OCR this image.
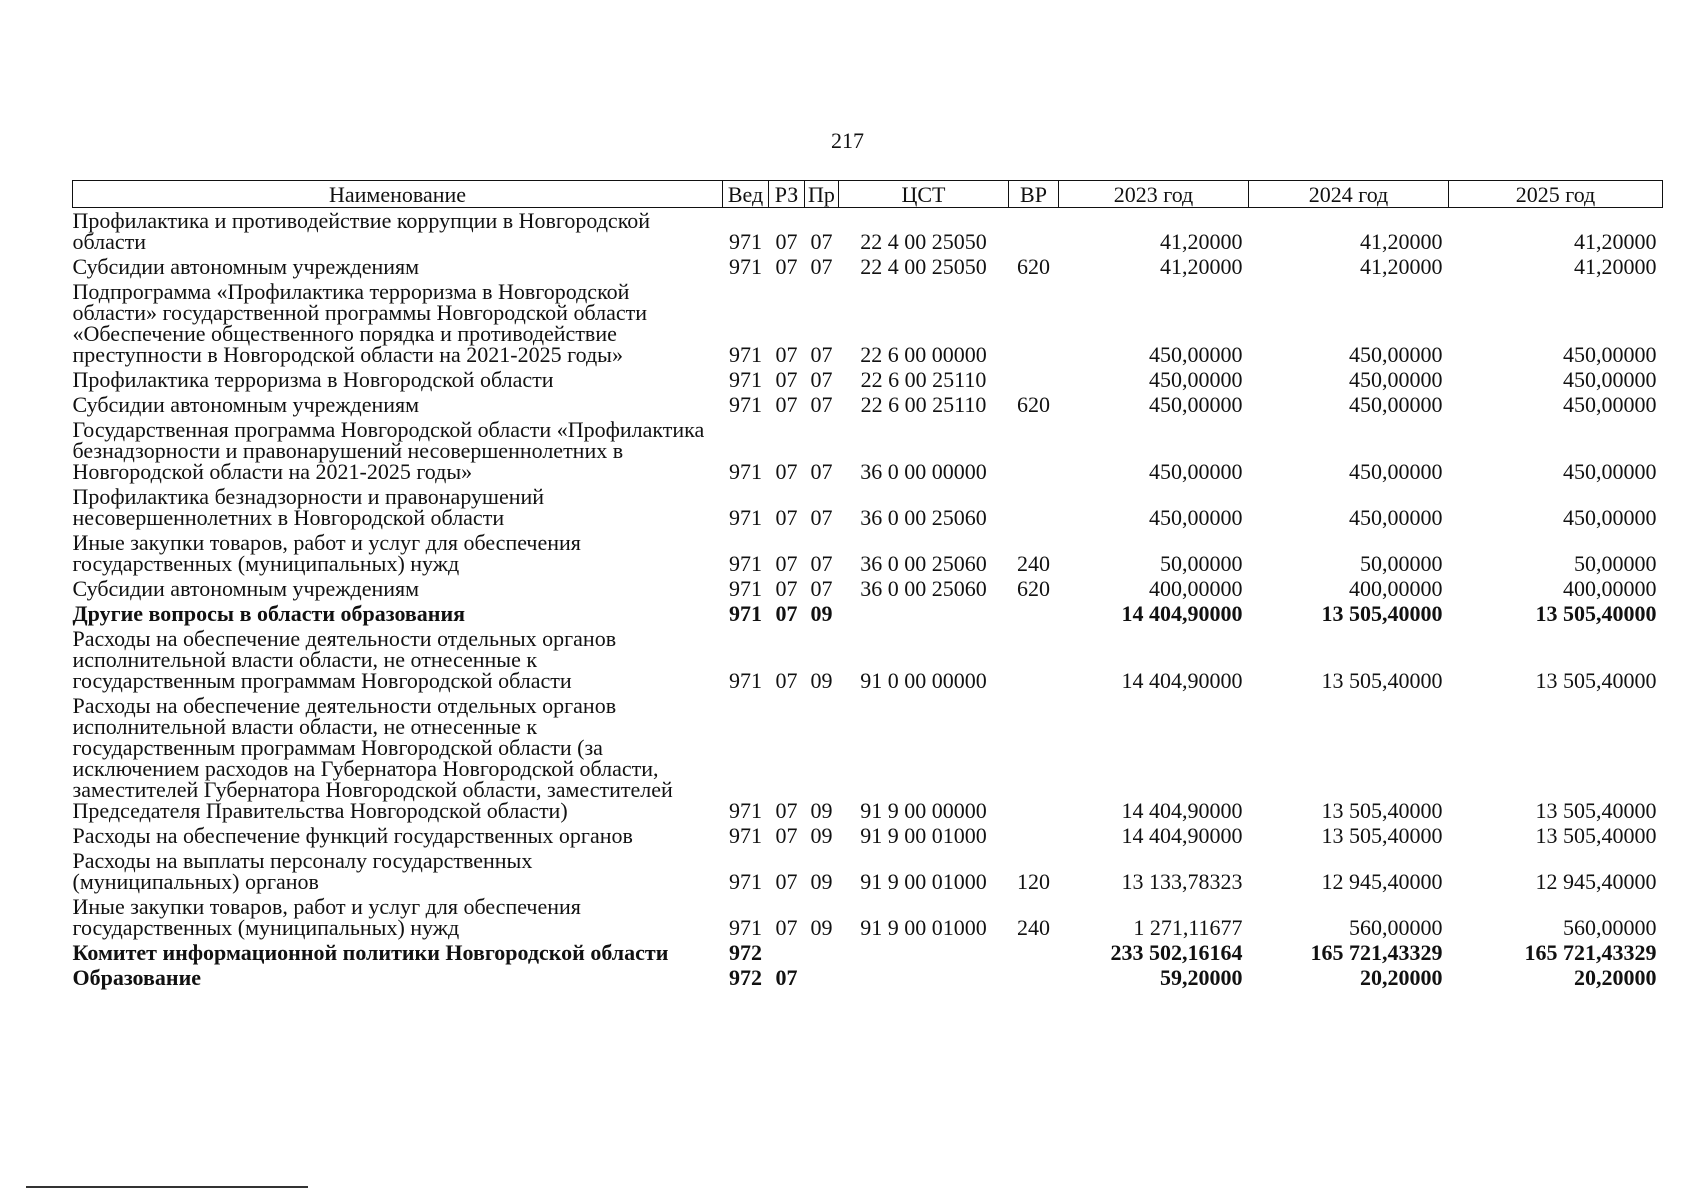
217
Наименование	Вед	РЗ	Пр	ЦСТ	ВР	2023 год	2024 год	2025 год
Профилактика и противодействие коррупции в Новгородской области	971	07	07	22 4 00 25050		41,20000	41,20000	41,20000
Субсидии автономным учреждениям	971	07	07	22 4 00 25050	620	41,20000	41,20000	41,20000
Подпрограмма «Профилактика терроризма в Новгородской области» государственной программы Новгородской области «Обеспечение общественного порядка и противодействие преступности в Новгородской области на 2021-2025 годы»	971	07	07	22 6 00 00000		450,00000	450,00000	450,00000
Профилактика терроризма в Новгородской области	971	07	07	22 6 00 25110		450,00000	450,00000	450,00000
Субсидии автономным учреждениям	971	07	07	22 6 00 25110	620	450,00000	450,00000	450,00000
Государственная программа Новгородской области «Профилактика безнадзорности и правонарушений несовершеннолетних в Новгородской области на 2021-2025 годы»	971	07	07	36 0 00 00000		450,00000	450,00000	450,00000
Профилактика безнадзорности и правонарушений несовершеннолетних в Новгородской области	971	07	07	36 0 00 25060		450,00000	450,00000	450,00000
Иные закупки товаров, работ и услуг для обеспечения государственных (муниципальных) нужд	971	07	07	36 0 00 25060	240	50,00000	50,00000	50,00000
Субсидии автономным учреждениям	971	07	07	36 0 00 25060	620	400,00000	400,00000	400,00000
Другие вопросы в области образования	971	07	09			14 404,90000	13 505,40000	13 505,40000
Расходы на обеспечение деятельности отдельных органов исполнительной власти области, не отнесенные к государственным программам Новгородской области	971	07	09	91 0 00 00000		14 404,90000	13 505,40000	13 505,40000
Расходы на обеспечение деятельности отдельных органов исполнительной власти области, не отнесенные к государственным программам Новгородской области (за исключением расходов на Губернатора Новгородской области, заместителей Губернатора Новгородской области, заместителей Председателя Правительства Новгородской области)	971	07	09	91 9 00 00000		14 404,90000	13 505,40000	13 505,40000
Расходы на обеспечение функций государственных органов	971	07	09	91 9 00 01000		14 404,90000	13 505,40000	13 505,40000
Расходы на выплаты персоналу государственных (муниципальных) органов	971	07	09	91 9 00 01000	120	13 133,78323	12 945,40000	12 945,40000
Иные закупки товаров, работ и услуг для обеспечения государственных (муниципальных) нужд	971	07	09	91 9 00 01000	240	1 271,11677	560,00000	560,00000
Комитет информационной политики Новгородской области	972					233 502,16164	165 721,43329	165 721,43329
Образование	972	07				59,20000	20,20000	20,20000
